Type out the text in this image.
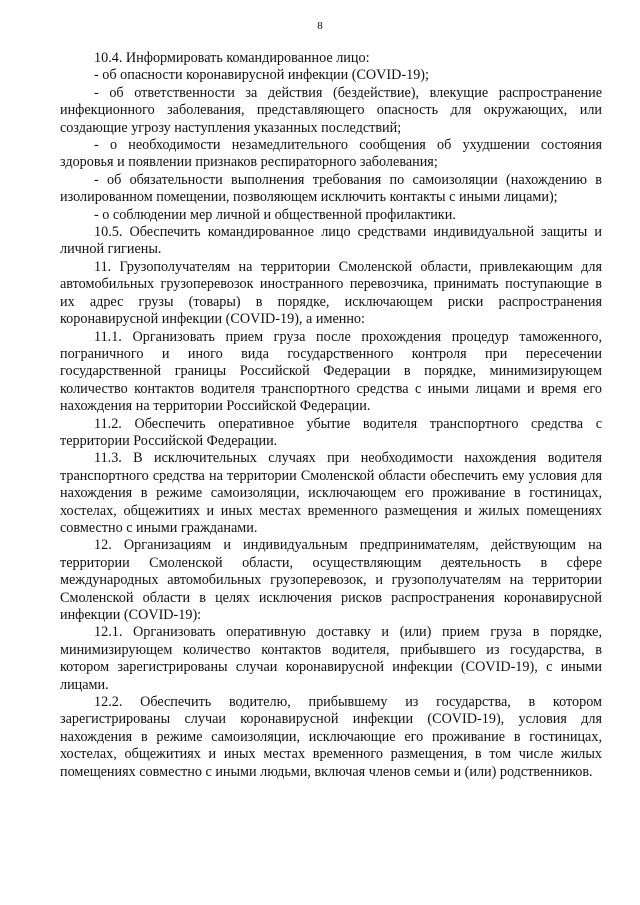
8

10.4. Информировать командированное лицо:

- об опасности коронавирусной инфекции (COVID-19);

- об ответственности за действия (бездействие), влекущие распространение инфекционного заболевания, представляющего опасность для окружающих, или создающие угрозу наступления указанных последствий;

- о необходимости незамедлительного сообщения об ухудшении состояния здоровья и появлении признаков респираторного заболевания;

- об обязательности выполнения требования по самоизоляции (нахождению в изолированном помещении, позволяющем исключить контакты с иными лицами);

- о соблюдении мер личной и общественной профилактики.

10.5. Обеспечить командированное лицо средствами индивидуальной защиты и личной гигиены.

11. Грузополучателям на территории Смоленской области, привлекающим для автомобильных грузоперевозок иностранного перевозчика, принимать поступающие в их адрес грузы (товары) в порядке, исключающем риски распространения коронавирусной инфекции (COVID-19), а именно:

11.1. Организовать прием груза после прохождения процедур таможенного, пограничного и иного вида государственного контроля при пересечении государственной границы Российской Федерации в порядке, минимизирующем количество контактов водителя транспортного средства с иными лицами и время его нахождения на территории Российской Федерации.

11.2. Обеспечить оперативное убытие водителя транспортного средства с территории Российской Федерации.

11.3. В исключительных случаях при необходимости нахождения водителя транспортного средства на территории Смоленской области обеспечить ему условия для нахождения в режиме самоизоляции, исключающем его проживание в гостиницах, хостелах, общежитиях и иных местах временного размещения и жилых помещениях совместно с иными гражданами.

12. Организациям и индивидуальным предпринимателям, действующим на территории Смоленской области, осуществляющим деятельность в сфере международных автомобильных грузоперевозок, и грузополучателям на территории Смоленской области в целях исключения рисков распространения коронавирусной инфекции (COVID-19):

12.1. Организовать оперативную доставку и (или) прием груза в порядке, минимизирующем количество контактов водителя, прибывшего из государства, в котором зарегистрированы случаи коронавирусной инфекции (COVID-19), с иными лицами.

12.2. Обеспечить водителю, прибывшему из государства, в котором зарегистрированы случаи коронавирусной инфекции (COVID-19), условия для нахождения в режиме самоизоляции, исключающие его проживание в гостиницах, хостелах, общежитиях и иных местах временного размещения, в том числе жилых помещениях совместно с иными людьми, включая членов семьи и (или) родственников.
